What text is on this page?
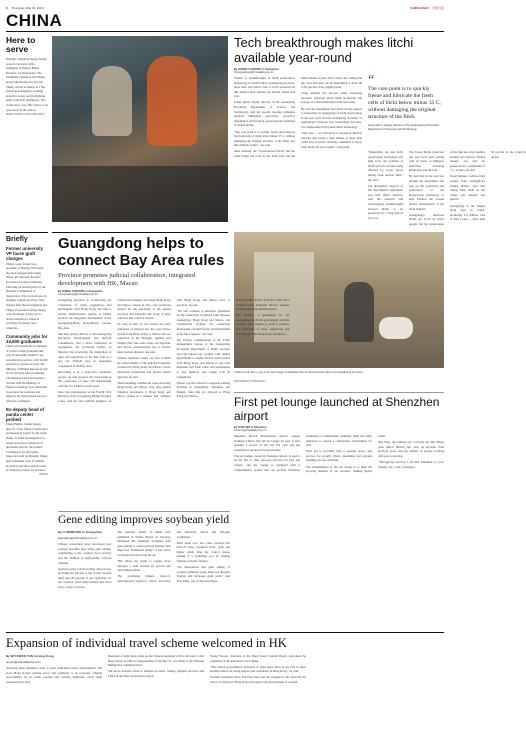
6 Thursday, May 16, 2024	CHINA DAILY 中国日报
CHINA
Here to serve
Olympic champion Zhang Yuxing poses for pictures with a firefighter in Wuhan, Hubei Province, on Wednesday. The swimming champion and Zhang, along with friends Lin Tao and Zhang, served as interns at a fire station in Guangzhou, learning about fire safety and firefighting skills from their firefighters. The events drew over 200 visitors to an open event in the station.
WANG YANSHI / FOR CHINA DAILY
Tech breakthrough makes litchi available year-round
By ZHONG CAIXIONG in Guangzhou
zhongcaixiong@chinadaily.com.cn

Thanks to breakthroughs in litchi preservation technology in South China's Guangdong province, more than 100 metric tons of litchi preserved in this method have entered the market earlier this year.

Liang Qinru, deputy director of the Guangdong Provincial Department of Science and Technology, said the special freezing technique involves immediate precooling, protective dehydration and freezing, preserving the freshness of picked litchis.

"The core point is to quickly freeze and lubricate the fresh cells of litchi below minus 35 C, without damaging the original structure of the flesh, just like animals' bodies," she said.

After thawing, the "frozen-thawed litchi" has the same bright red color as the fresh fruit and the flesh remains crystal clear, Liang said, adding that the color and taste can be maintained at about 90 to 95 percent of the original level.

Liang detailed the process while answering reporters' questions about litchi production and storage on a livestream held in late last week.

He said the department had given strong support to researchers in Guangdong on litchi preservation in the past years and the Guangdong Academy of Agricultural Sciences was researching the ultra-low temperature litchi preservation technology.

"This year, ... we will strive to expand production capacity and create a sales market of more than 2,000 tons of litchi, allowing consumers to enjoy fresh litchis all year around," Liang said.

“
The core point is to quickly freeze and lubricate the fresh cells of litchi below minus 35 C, without damaging the original structure of the flesh.
Liang Qinru, deputy director of the Guangdong Provincial Department of Science and Technology

"Meanwhile, the new litchi preservation technology will help solve the problem of litchi growers' income being affected by lower prices during peak harvest time," she said.

Wu Shengzhou, director of the department's agriculture and rural affairs division, said the research and technological breakthroughs allowed litchis to be preserved for a long time at low cost.

The frozen litchis preserved last year have been selling well on major e-commerce platforms, including Pinduoduo and JD.com.

He said that in the next few months the department will step up the promotion and application of the preservation technology to help advance the overall quality development of the litchi industry.

Guangdong's delicious litchis are loved by many people, but the preservation of the fruit has long troubled farmers and vendors. Litchis usually can only be preserved for a maximum of 7 to 10 days, he said.

Dong Weihua, a white-collar worker from Guangzhou's Tianhe district, said that eating fresh litchi in the winter was unusual and special.

Guangdong is the largest litchi base in China, producing 1.6 million tons of fruit a year — more than 50 percent of the country's output.

Visitors look after a dog at the pet lounge at Shenzhen Bao'an International Airport in Guangdong province.
PROVIDED TO CHINA DAILY
Briefly
Former university VP faces graft charges
Zhang Gong, former vice-president of Beijing University, has been charged with taking bribes, the Supreme People's Procuratorate said on Monday, following an investigation by the National Commission of Supervision. The procuratorate in Nanjing, Jiangsu province, filed charges after the investigation into Zhang. Prosecutors allege Zhang took advantage of his posts to obtain benefits for others in exchange for money and valuables.
Community jobs for 34,600 graduates
China will expand the recruitment of recent college graduates this year in the health, medical care and education sectors, with 34,600 positions at grassroots level, the Ministry of Human Resources and Social Security said on Monday. The ministry said it had issued a circular with the Ministry of Finance requiring local authorities to promote the positions and improve the employment services offered to graduates.
Ex-deputy head of panda center probed
Zhang Hemin, former deputy director of the China Conservation and Research Center for the Giant Panda, is under investigation for suspected serious violations of discipline and law, the Central Commission for Discipline Inspection said on Monday. Zhang held leadership roles in wildlife protection and the research center in Sichuan province for decades.
XINHUA
Guangdong helps to connect Bay Area rules
Province promotes judicial collaboration, integrated development with HK, Macao
By ZHENG CAIXIONG in Guangzhou
zhengcaixiong@chinadaily.com.cn

Guangdong province is accelerating the connection of rules, regulations and mechanisms with Hong Kong and Macao special administrative regions to further promote the integrated development of the Guangdong-Hong Kong-Macao Greater Bay Area.

Zhu Wei, deputy director of the Guangdong Provincial Development and Reform Commission, told a news conference in Guangzhou, the provincial capital, on Monday that promoting the integration of rules and regulations in the Bay Area is a key but difficult step in deepening cooperation in the Bay Area.

Describing it as a long-term systematic project, he said progress has been made in the connection of rules and mechanisms with the two SARs in recent years.

Since the promulgation of the Fourth Civil Division of the Guangdong Higher People's Court, said the first judicial guidance on commercial disputes involving Hong Kong and Macao issued in this court promoted respect for the autonomy of the parties involved and expanded the scope of legal selection that could be chosen.

As long as they do not violate the basic principles of national law, the court allows parties from Hong Kong or Macao that are registered in the Hengqin, Qianhai and Nansha pilot free trade zones can negotiate and choose extraterritorial law to resolve their contract disputes, she said.

Chinese mainland courts can also confirm the enforceability of the judicial documents produced by Hong Kong and Macao courts, arbitration institutions and private transit agencies, he said.

When handling commercial cases involving Hong Kong and Macao, they may submit litigation documents to Hong Kong and Macao parties in a manner that complies with Hong Kong and Macao laws or practices, he said.

"We will continue to introduce guidelines for the connection of judicial rules between Guangdong, Hong Kong and Macao, and continuously promote the connection mechanism of judicial rules and mechanism in the three regions," she said.

Xie Ziyuan, commissioner of the traffic management bureau at the Guangdong Provincial Department of Public Security said the bureau has worked with related departments to enable drivers with licenses from Hong Kong and Macao to use both mainland and SAR codes and permissions to pay highway and bridge tolls in Guangdong.

Drivers are also allowed to upgrade parking facilities in Guangzhou, Shenzhen and Zhuhai, cities that are adjacent to Hong Kong and Macao.

Over 120,000 drivers from the SARs have obtained their mainland driver's licenses without taking the mainland tests.

Wei Wenhua, a spokesman for the Guangdong provincial government, said the province will continue to work to promote the connection of rules, regulations and mechanisms with Hong Kong and Macao.

Gene editing improves soybean yield

By LI WENFANG in Guangzhou

liwenfang@chinadaily.com.cn

Chinese researchers have developed new soybean breeding lines using gene editing, contributing to the country's food security and the addition of high-quality soybean varieties.

Soybean as the world's leading oilseed crop, providing 60 percent of the world's protein meal and 28 percent of the vegetable oil, but soybean yield improvement has been slow, a major concern.

The research, details of which were published in Nature Plants on Tuesday, addressed this challenge. Scientists used gene editing to create soybean mutants with improved "nodulation ability", a key factor in nitrogen fixation from the air.

This allows the plants to capture more nitrogen, a vital nutrient for growth and yield enhancement.

The promising mutant, meta-7a, demonstrated balanced carbon allocation and enhanced carbon and nitrogen acquisition.

Field trials over two years showed that meta-7a lines produced more pods and higher yields than the control group, making it a promising tool for leading Chinese soybean varieties.

"We demonstrate that gene editing of soybean symbiotic genes improves nitrogen fixation and increases grain yield," said Tian Zhixi, one of the researchers.

First pet lounge launched at Shenzhen airport
By ZHOU MO in Shenzhen
zhoumo@chinadaily.com.cn

Shenzhen Bao'an International Airport opened Southern China's first private lounge for pets, at first opening a service in the city last year and has expanded its services in recent months.

The pet lounge, owned by Shenzhen airport, is said to be the first to offer one-stop services for pets and owners, and the lounge is equipped with a comprehensive system that can provide veterinary monitoring of temperature, humidity, light and other indicators to ensure a comfortable environment for pets.

Each pet is provided with a separate space, and services for security check, quarantine and customs handling are also available.

The establishment of the pet lounge is to meet the growing demand of pet travelers, making flights easier.

Wei Ying, the Chinese pet economy hit 300 billion yuan ($41.6 billion) last year, an increase from previous years, and the number of people traveling with pets is growing.

"Through the services, I felt that Shenzhen is a pet-friendly city," said a passenger.

Expansion of individual travel scheme welcomed in HK

By WU KWOK-YAN in Hong Kong

wuyan@chinadailyhk.com

Allowing more mainland cities to have individual travel endorsements will boost Hong Kong's tourism sector and contribute to its economy, offering opportunities for its retail, tourism and catering industries, travel trade representatives said.

Residents of eight more cities on the Chinese mainland will be allowed to visit Hong Kong and Macao independently from May 27, according to the National Immigration Administration.

The move includes Xi'an in Shaanxi province, Xining, Qinghai province and Lhasa in the Tibet autonomous region.

Yeung Yiu-kai, chairman of the Hong Kong Tourism Board, welcomed the expansion of the individual visit scheme.

"The central government's inclusion of eight more cities in the IVS in three months reflects its strong support and confidence in Hong Kong," he said.

Tourism lawmaker Perry Yiu Pak-wing said the expansion will diversify the source of visitors to Hong Kong and support the development of tourism.
